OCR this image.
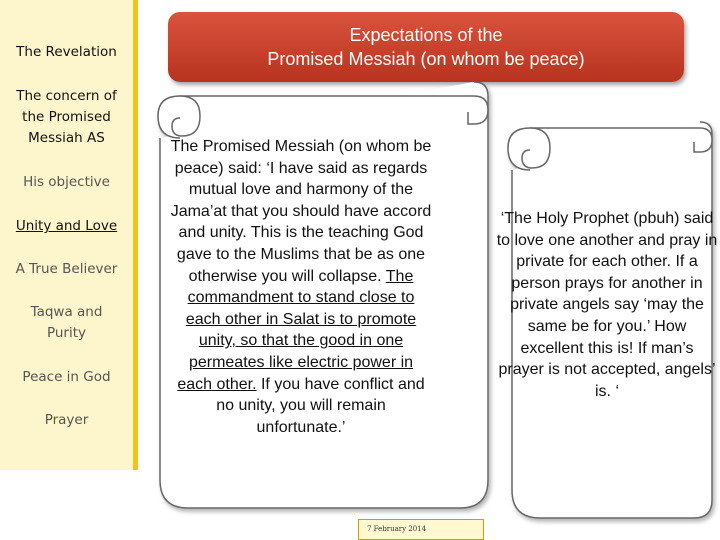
The Revelation
The concern of the Promised Messiah AS
His objective
Unity and Love
A True Believer
Taqwa and Purity
Peace in God
Prayer
Expectations of the
Promised Messiah (on whom be peace)
The Promised Messiah (on whom be peace) said: ‘I have said as regards mutual love and harmony of the Jama’at that you should have accord and unity. This is the teaching God gave to the Muslims that be as one otherwise you will collapse. The commandment to stand close to each other in Salat is to promote unity, so that the good in one permeates like electric power in each other. If you have conflict and no unity, you will remain unfortunate.’
‘The Holy Prophet (pbuh) said to love one another and pray in private for each other. If a person prays for another in private angels say ‘may the same be for you.’ How excellent this is! If man’s prayer is not accepted, angels’ is. ‘
7 February 2014
